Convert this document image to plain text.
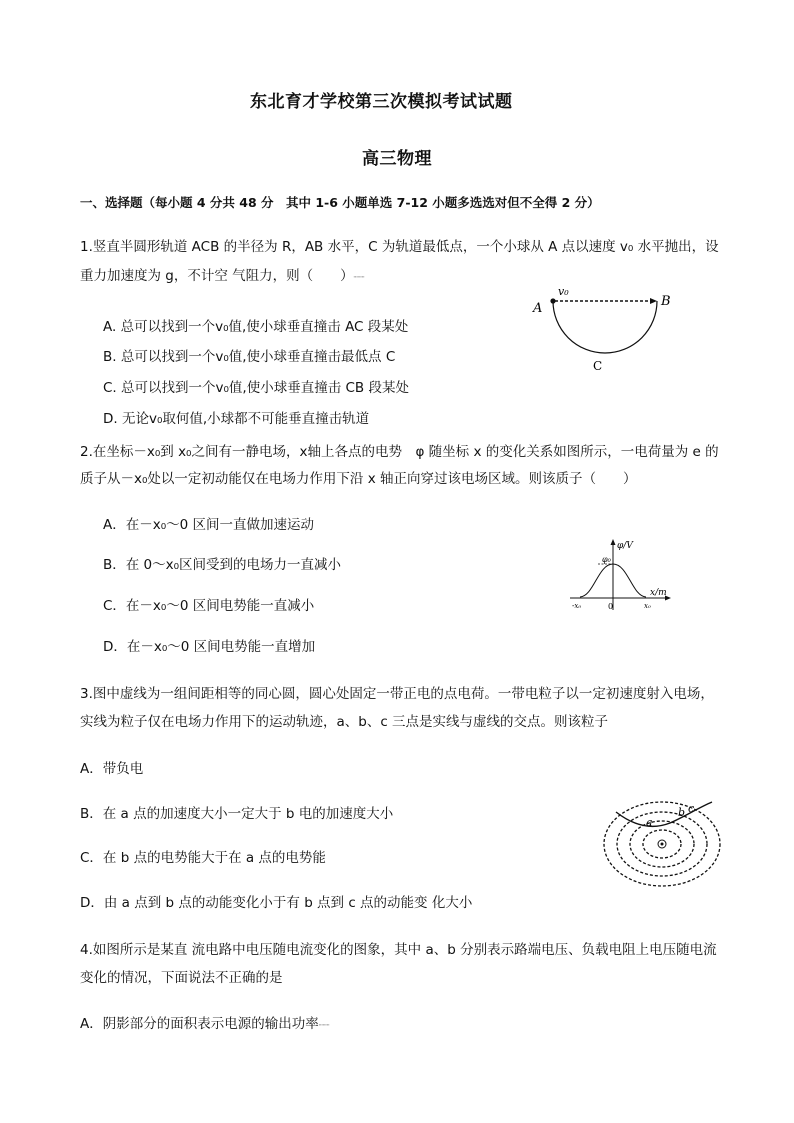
东北育才学校第三次模拟考试试题
高三物理
一、选择题（每小题 4 分共 48 分　其中 1-6 小题单选 7-12 小题多选选对但不全得 2 分）
1.竖直半圆形轨道 ACB 的半径为 R，AB 水平，C 为轨道最低点，一个小球从 A 点以速度 v₀ 水平抛出，设
重力加速度为 g，不计空 气阻力，则（　　）┈┈
A. 总可以找到一个v₀值,使小球垂直撞击 AC 段某处
B. 总可以找到一个v₀值,使小球垂直撞击最低点 C
C. 总可以找到一个v₀值,使小球垂直撞击 CB 段某处
D. 无论v₀取何值,小球都不可能垂直撞击轨道
A	B
C
v₀
2.在坐标－x₀到 x₀之间有一静电场，x轴上各点的电势　φ 随坐标 x 的变化关系如图所示，一电荷量为 e 的
质子从－x₀处以一定初动能仅在电场力作用下沿 x 轴正向穿过该电场区域。则该质子（　　）
A．在－x₀～0 区间一直做加速运动
B．在 0～x₀区间受到的电场力一直减小
C．在－x₀～0 区间电势能一直减小
D．在－x₀～0 区间电势能一直增加
φ/V
x/m
φ₀
-x₀	0	x₀
3.图中虚线为一组间距相等的同心圆，圆心处固定一带正电的点电荷。一带电粒子以一定初速度射入电场，
实线为粒子仅在电场力作用下的运动轨迹，a、b、c 三点是实线与虚线的交点。则该粒子
A．带负电
B．在 a 点的加速度大小一定大于 b 电的加速度大小
C．在 b 点的电势能大于在 a 点的电势能
D．由 a 点到 b 点的动能变化小于有 b 点到 c 点的动能变 化大小
a
b c
4.如图所示是某直 流电路中电压随电流变化的图象，其中 a、b 分别表示路端电压、负载电阻上电压随电流
变化的情况，下面说法不正确的是
A．阴影部分的面积表示电源的输出功率┈┈
